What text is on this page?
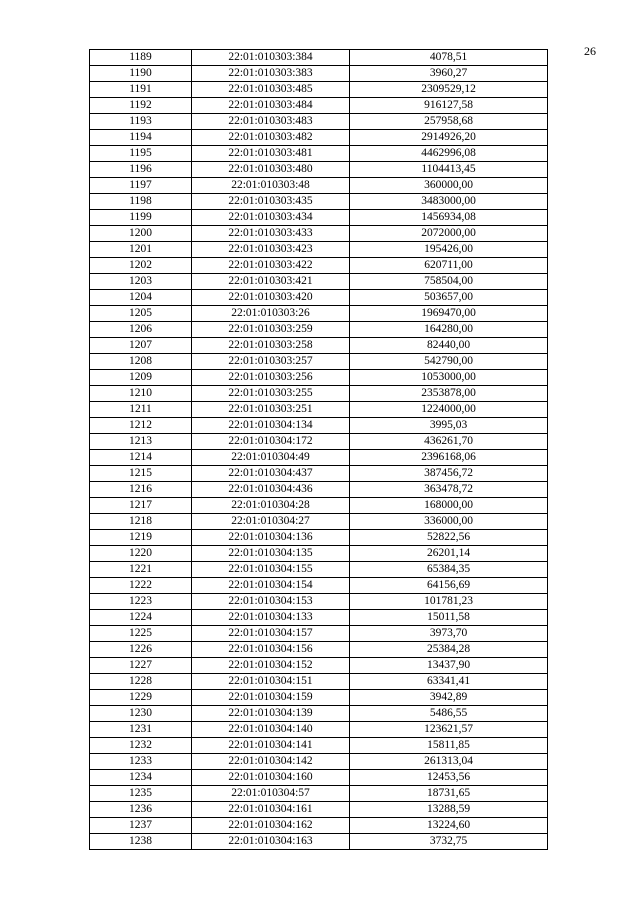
26
1189	22:01:010303:384	4078,51
1190	22:01:010303:383	3960,27
1191	22:01:010303:485	2309529,12
1192	22:01:010303:484	916127,58
1193	22:01:010303:483	257958,68
1194	22:01:010303:482	2914926,20
1195	22:01:010303:481	4462996,08
1196	22:01:010303:480	1104413,45
1197	22:01:010303:48	360000,00
1198	22:01:010303:435	3483000,00
1199	22:01:010303:434	1456934,08
1200	22:01:010303:433	2072000,00
1201	22:01:010303:423	195426,00
1202	22:01:010303:422	620711,00
1203	22:01:010303:421	758504,00
1204	22:01:010303:420	503657,00
1205	22:01:010303:26	1969470,00
1206	22:01:010303:259	164280,00
1207	22:01:010303:258	82440,00
1208	22:01:010303:257	542790,00
1209	22:01:010303:256	1053000,00
1210	22:01:010303:255	2353878,00
1211	22:01:010303:251	1224000,00
1212	22:01:010304:134	3995,03
1213	22:01:010304:172	436261,70
1214	22:01:010304:49	2396168,06
1215	22:01:010304:437	387456,72
1216	22:01:010304:436	363478,72
1217	22:01:010304:28	168000,00
1218	22:01:010304:27	336000,00
1219	22:01:010304:136	52822,56
1220	22:01:010304:135	26201,14
1221	22:01:010304:155	65384,35
1222	22:01:010304:154	64156,69
1223	22:01:010304:153	101781,23
1224	22:01:010304:133	15011,58
1225	22:01:010304:157	3973,70
1226	22:01:010304:156	25384,28
1227	22:01:010304:152	13437,90
1228	22:01:010304:151	63341,41
1229	22:01:010304:159	3942,89
1230	22:01:010304:139	5486,55
1231	22:01:010304:140	123621,57
1232	22:01:010304:141	15811,85
1233	22:01:010304:142	261313,04
1234	22:01:010304:160	12453,56
1235	22:01:010304:57	18731,65
1236	22:01:010304:161	13288,59
1237	22:01:010304:162	13224,60
1238	22:01:010304:163	3732,75
